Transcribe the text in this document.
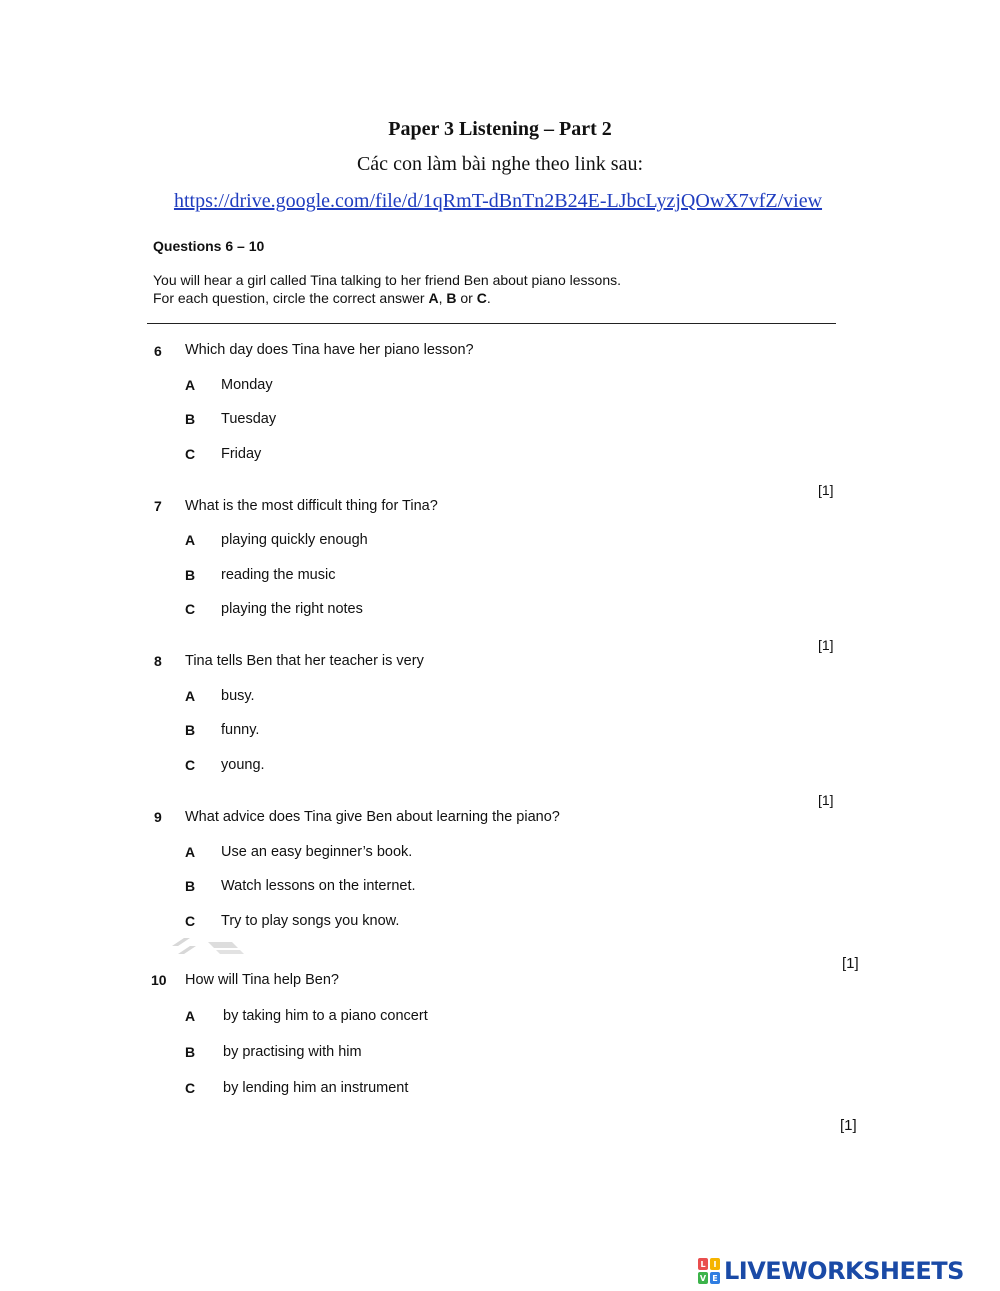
Paper 3 Listening – Part 2
Các con làm bài nghe theo link sau:
https://drive.google.com/file/d/1qRmT-dBnTn2B24E-LJbcLyzjQOwX7vfZ/view
Questions 6 – 10
You will hear a girl called Tina talking to her friend Ben about piano lessons.
For each question, circle the correct answer A, B or C.
6 Which day does Tina have her piano lesson?
A Monday
B Tuesday
C Friday
[1]
7 What is the most difficult thing for Tina?
A playing quickly enough
B reading the music
C playing the right notes
[1]
8 Tina tells Ben that her teacher is very
A busy.
B funny.
C young.
[1]
9 What advice does Tina give Ben about learning the piano?
A Use an easy beginner’s book.
B Watch lessons on the internet.
C Try to play songs you know.
[1]
10 How will Tina help Ben?
A by taking him to a piano concert
B by practising with him
C by lending him an instrument
[1]
L I
V E LIVEWORKSHEETS
